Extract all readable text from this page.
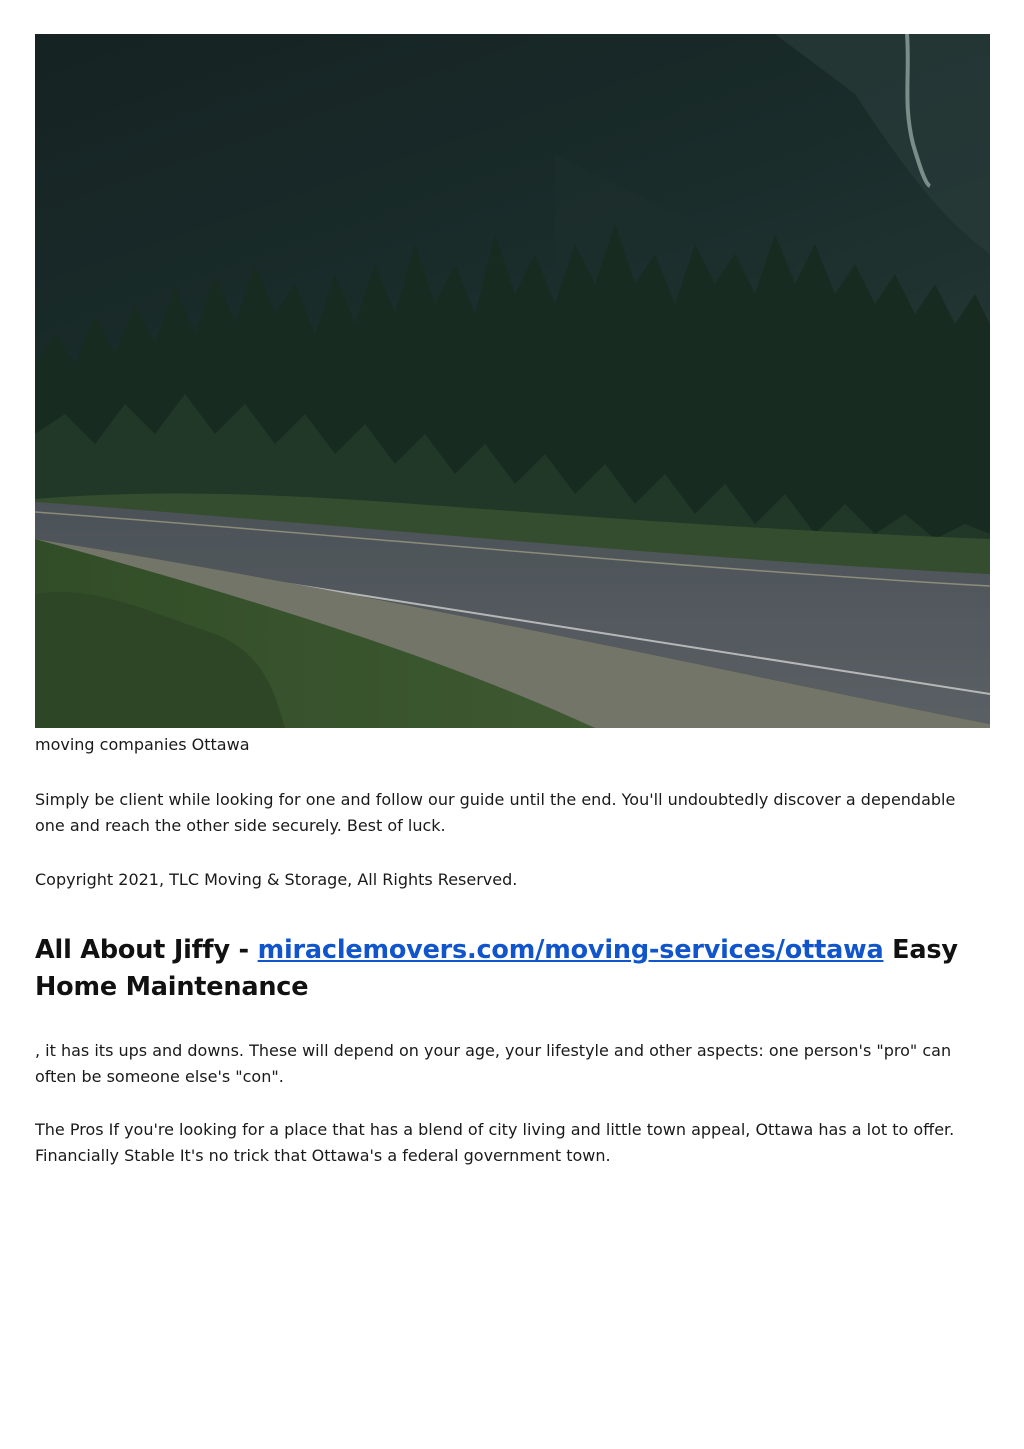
moving companies Ottawa

Simply be client while looking for one and follow our guide until the end. You'll undoubtedly discover a dependable one and reach the other side securely. Best of luck.

Copyright 2021, TLC Moving & Storage, All Rights Reserved.

All About Jiffy - miraclemovers.com/moving-services/ottawa Easy Home Maintenance

, it has its ups and downs. These will depend on your age, your lifestyle and other aspects: one person's "pro" can often be someone else's "con".

The Pros If you're looking for a place that has a blend of city living and little town appeal, Ottawa has a lot to offer. Financially Stable It's no trick that Ottawa's a federal government town.
